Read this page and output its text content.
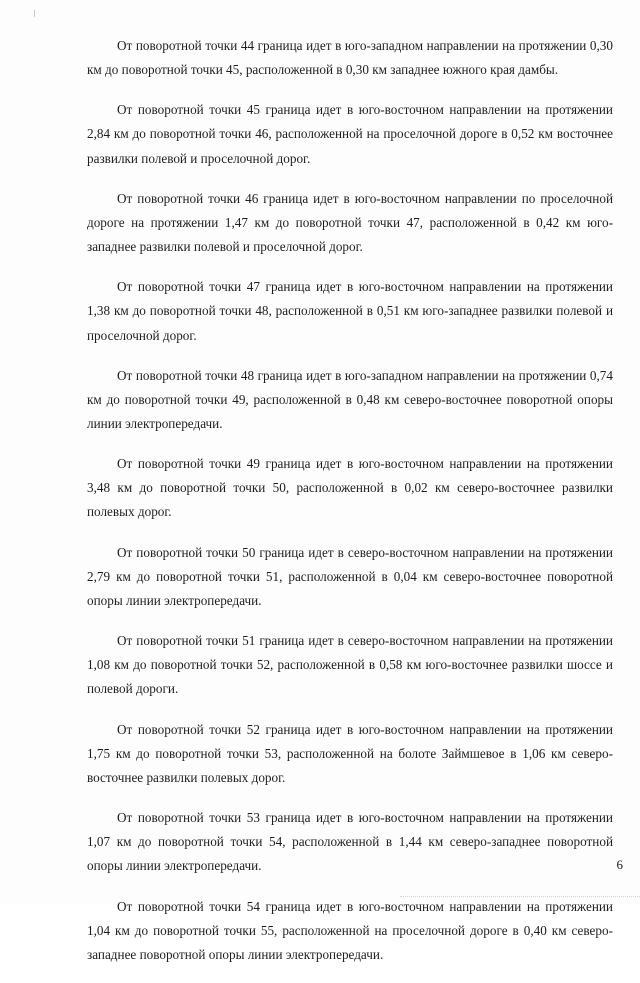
От поворотной точки 44 граница идет в юго-западном направлении на протяжении 0,30 км до поворотной точки 45, расположенной в 0,30 км западнее южного края дамбы.

От поворотной точки 45 граница идет в юго-восточном направлении на протяжении 2,84 км до поворотной точки 46, расположенной на проселочной дороге в 0,52 км восточнее развилки полевой и проселочной дорог.

От поворотной точки 46 граница идет в юго-восточном направлении по проселочной дороге на протяжении 1,47 км до поворотной точки 47, расположенной в 0,42 км юго-западнее развилки полевой и проселочной дорог.

От поворотной точки 47 граница идет в юго-восточном направлении на протяжении 1,38 км до поворотной точки 48, расположенной в 0,51 км юго-западнее развилки полевой и проселочной дорог.

От поворотной точки 48 граница идет в юго-западном направлении на протяжении 0,74 км до поворотной точки 49, расположенной в 0,48 км северо-восточнее поворотной опоры линии электропередачи.

От поворотной точки 49 граница идет в юго-восточном направлении на протяжении 3,48 км до поворотной точки 50, расположенной в 0,02 км северо-восточнее развилки полевых дорог.

От поворотной точки 50 граница идет в северо-восточном направлении на протяжении 2,79 км до поворотной точки 51, расположенной в 0,04 км северо-восточнее поворотной опоры линии электропередачи.

От поворотной точки 51 граница идет в северо-восточном направлении на протяжении 1,08 км до поворотной точки 52, расположенной в 0,58 км юго-восточнее развилки шоссе и полевой дороги.

От поворотной точки 52 граница идет в юго-восточном направлении на протяжении 1,75 км до поворотной точки 53, расположенной на болоте Займшевое в 1,06 км северо-восточнее развилки полевых дорог.

От поворотной точки 53 граница идет в юго-восточном направлении на протяжении 1,07 км до поворотной точки 54, расположенной в 1,44 км северо-западнее поворотной опоры линии электропередачи.

От поворотной точки 54 граница идет в юго-восточном направлении на протяжении 1,04 км до поворотной точки 55, расположенной на проселочной дороге в 0,40 км северо-западнее поворотной опоры линии электропередачи.

6
